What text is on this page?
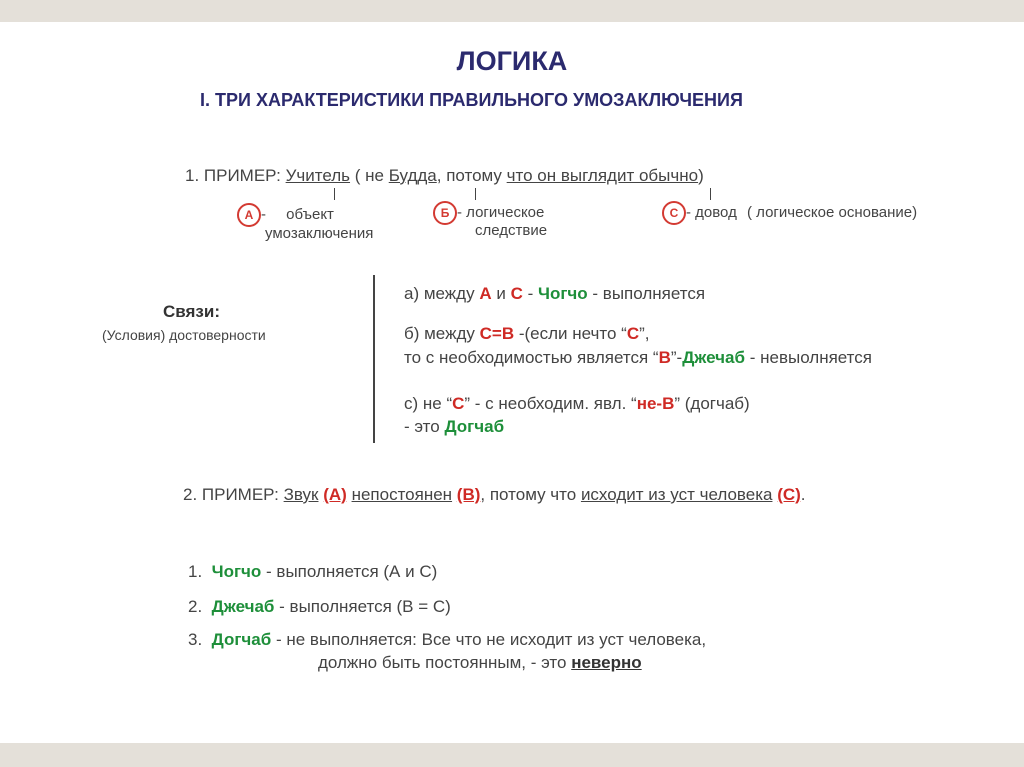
ЛОГИКА
I. ТРИ ХАРАКТЕРИСТИКИ ПРАВИЛЬНОГО УМОЗАКЛЮЧЕНИЯ
1. ПРИМЕР: Учитель ( не Будда, потому что он выглядит обычно)
А - объект
умозаключения
Б - логическое
следствие
С - довод ( логическое основание)
Связи:
(Условия) достоверности
а) между А и С - Чогчо - выполняется
б) между С=В -(если нечто “С”,
то с необходимостью является “В”-Джечаб - невыолняется
с) не “С” - с необходим. явл. “не-В” (догчаб)
- это Догчаб
2. ПРИМЕР: Звук (А) непостоянен (В), потому что исходит из уст человека (С).
1. Чогчо - выполняется (А и С)
2. Джечаб - выполняется (В = С)
3. Догчаб - не выполняется: Все что не исходит из уст человека,
должно быть постоянным, - это неверно
